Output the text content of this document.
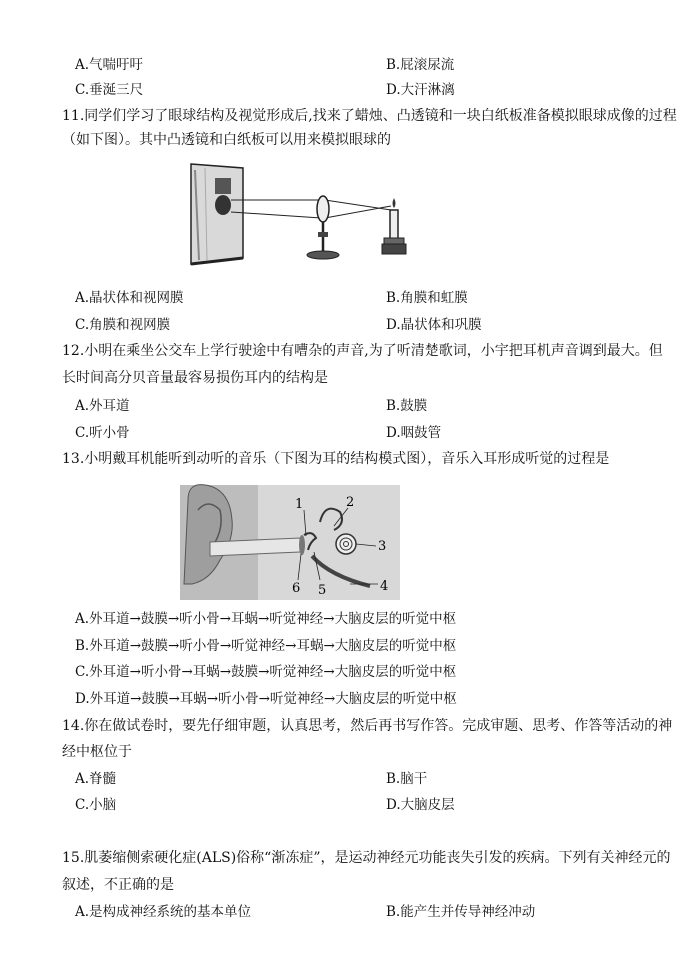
A.气喘吁吁	B.屁滚尿流
C.垂涎三尺	D.大汗淋漓
11.同学们学习了眼球结构及视觉形成后,找来了蜡烛、凸透镜和一块白纸板准备模拟眼球成像的过程
（如下图）。其中凸透镜和白纸板可以用来模拟眼球的
A.晶状体和视网膜	B.角膜和虹膜
C.角膜和视网膜	D.晶状体和巩膜
12.小明在乘坐公交车上学行驶途中有嘈杂的声音,为了听清楚歌词，小宇把耳机声音调到最大。但
长时间高分贝音量最容易损伤耳内的结构是
A.外耳道	B.鼓膜
C.听小骨	D.咽鼓管
13.小明戴耳机能听到动听的音乐（下图为耳的结构模式图），音乐入耳形成听觉的过程是
1	2
3
4
5
6
A.外耳道→鼓膜→听小骨→耳蜗→听觉神经→大脑皮层的听觉中枢
B.外耳道→鼓膜→听小骨→听觉神经→耳蜗→大脑皮层的听觉中枢
C.外耳道→听小骨→耳蜗→鼓膜→听觉神经→大脑皮层的听觉中枢
D.外耳道→鼓膜→耳蜗→听小骨→听觉神经→大脑皮层的听觉中枢
14.你在做试卷时，要先仔细审题，认真思考，然后再书写作答。完成审题、思考、作答等活动的神
经中枢位于
A.脊髓	B.脑干
C.小脑	D.大脑皮层
15.肌萎缩侧索硬化症(ALS)俗称“渐冻症”，是运动神经元功能丧失引发的疾病。下列有关神经元的
叙述，不正确的是
A.是构成神经系统的基本单位	B.能产生并传导神经冲动
